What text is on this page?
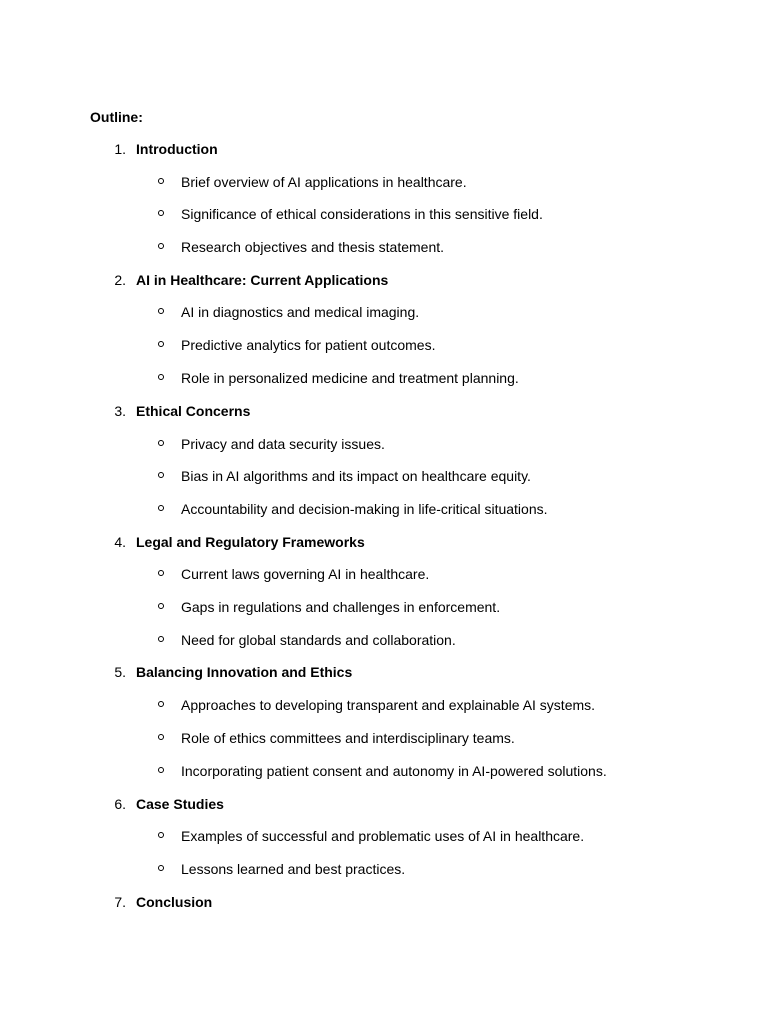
Outline:

1. Introduction
Brief overview of AI applications in healthcare.
Significance of ethical considerations in this sensitive field.
Research objectives and thesis statement.
2. AI in Healthcare: Current Applications
AI in diagnostics and medical imaging.
Predictive analytics for patient outcomes.
Role in personalized medicine and treatment planning.
3. Ethical Concerns
Privacy and data security issues.
Bias in AI algorithms and its impact on healthcare equity.
Accountability and decision-making in life-critical situations.
4. Legal and Regulatory Frameworks
Current laws governing AI in healthcare.
Gaps in regulations and challenges in enforcement.
Need for global standards and collaboration.
5. Balancing Innovation and Ethics
Approaches to developing transparent and explainable AI systems.
Role of ethics committees and interdisciplinary teams.
Incorporating patient consent and autonomy in AI-powered solutions.
6. Case Studies
Examples of successful and problematic uses of AI in healthcare.
Lessons learned and best practices.
7. Conclusion
